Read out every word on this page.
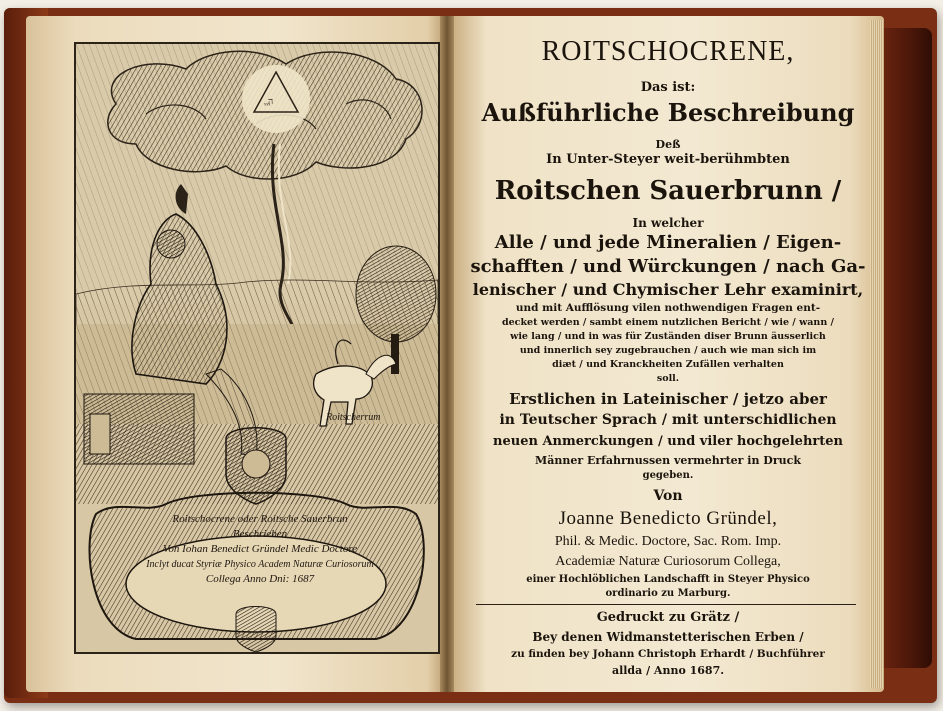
ה
ייי
Roitscherrum
Roitschocrene oder Roitsche Sauerbrun
Beschrieben
Von Iohan Benedict Gründel Medic Doctore
Inclyt ducat Styriæ Physico Academ Naturæ Curiosorum
Collega Anno Dni: 1687
ROITSCHOCRENE,
Das ist:
Außführliche Beschreibung
Deß
In Unter-Steyer weit-berühmbten
Roitschen Sauerbrunn /
In welcher
Alle / und jede Mineralien / Eigen-
schafften / und Würckungen / nach Ga-
lenischer / und Chymischer Lehr examinirt,
und mit Aufflösung vilen nothwendigen Fragen ent-
decket werden / sambt einem nutzlichen Bericht / wie / wann /
wie lang / und in was für Zuständen diser Brunn äusserlich
und innerlich sey zugebrauchen / auch wie man sich im
diæt / und Kranckheiten Zufällen verhalten
soll.
Erstlichen in Lateinischer / jetzo aber
in Teutscher Sprach / mit unterschidlichen
neuen Anmerckungen / und viler hochgelehrten
Männer Erfahrnussen vermehrter in Druck
gegeben.
Von
Joanne Benedicto Gründel,
Phil. & Medic. Doctore, Sac. Rom. Imp.
Academiæ Naturæ Curiosorum Collega,
einer Hochlöblichen Landschafft in Steyer Physico
ordinario zu Marburg.
Gedruckt zu Grätz /
Bey denen Widmanstetterischen Erben /
zu finden bey Johann Christoph Erhardt / Buchführer
allda / Anno 1687.
